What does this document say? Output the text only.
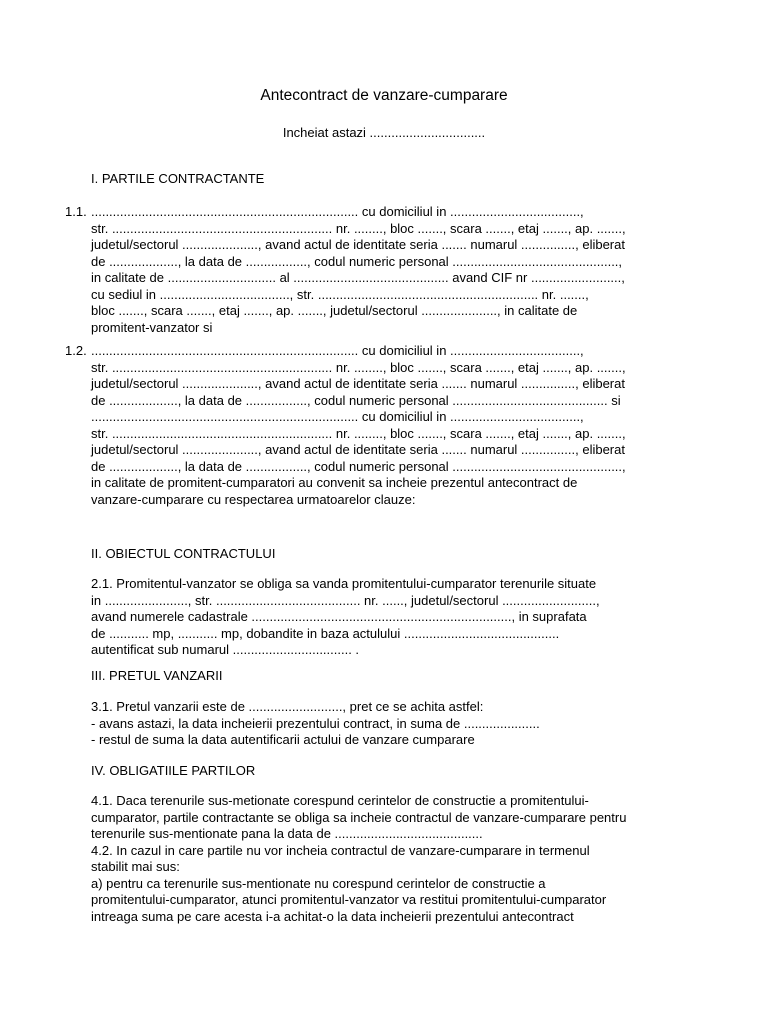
Antecontract de vanzare-cumparare
Incheiat astazi ................................
I. PARTILE CONTRACTANTE
1.1. .......................................................................... cu domiciliul in ....................................,
str. ............................................................. nr. ........, bloc ......., scara ......., etaj ......., ap. .......,
judetul/sectorul ....................., avand actul de identitate seria ....... numarul ..............., eliberat
de ..................., la data de ................., codul numeric personal ..............................................,
in calitate de .............................. al ........................................... avand CIF nr .........................,
cu sediul in ...................................., str. ............................................................. nr. .......,
bloc ......., scara ......., etaj ......., ap. ......., judetul/sectorul ....................., in calitate de
promitent-vanzator si
1.2. .......................................................................... cu domiciliul in ....................................,
str. ............................................................. nr. ........, bloc ......., scara ......., etaj ......., ap. .......,
judetul/sectorul ....................., avand actul de identitate seria ....... numarul ..............., eliberat
de ..................., la data de ................., codul numeric personal ........................................... si
.......................................................................... cu domiciliul in ....................................,
str. ............................................................. nr. ........, bloc ......., scara ......., etaj ......., ap. .......,
judetul/sectorul ....................., avand actul de identitate seria ....... numarul ..............., eliberat
de ..................., la data de ................., codul numeric personal ...............................................,
in calitate de promitent-cumparatori au convenit sa incheie prezentul antecontract de
vanzare-cumparare cu respectarea urmatoarelor clauze:
II. OBIECTUL CONTRACTULUI
2.1. Promitentul-vanzator se obliga sa vanda promitentului-cumparator terenurile situate
in ......................., str. ........................................ nr. ......, judetul/sectorul ..........................,
avand numerele cadastrale ........................................................................, in suprafata
de ........... mp, ........... mp, dobandite in baza actulului ...........................................
autentificat sub numarul ................................. .
III. PRETUL VANZARII
3.1. Pretul vanzarii este de .........................., pret ce se achita astfel:
- avans astazi, la data incheierii prezentului contract, in suma de .....................
- restul de suma la data autentificarii actului de vanzare cumparare
IV. OBLIGATIILE PARTILOR
4.1. Daca terenurile sus-metionate corespund cerintelor de constructie a promitentului-
cumparator, partile contractante se obliga sa incheie contractul de vanzare-cumparare pentru
terenurile sus-mentionate pana la data de .........................................
4.2. In cazul in care partile nu vor incheia contractul de vanzare-cumparare in termenul
stabilit mai sus:
a) pentru ca terenurile sus-mentionate nu corespund cerintelor de constructie a
promitentului-cumparator, atunci promitentul-vanzator va restitui promitentului-cumparator
intreaga suma pe care acesta i-a achitat-o la data incheierii prezentului antecontract
